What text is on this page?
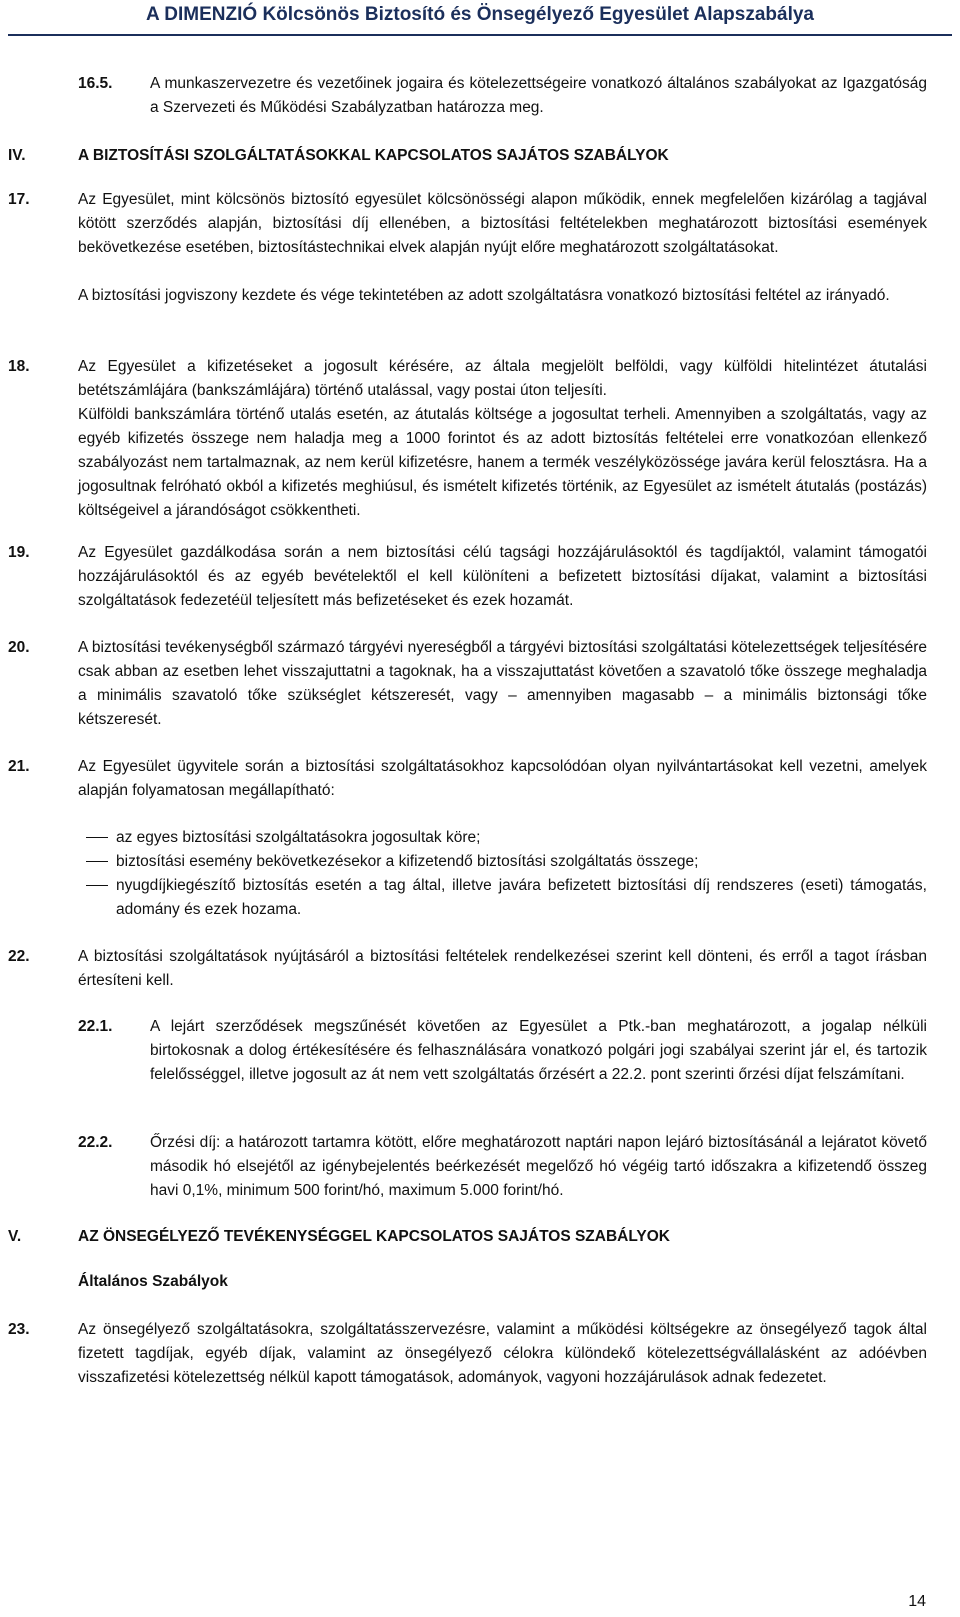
A DIMENZIÓ Kölcsönös Biztosító és Önsegélyező Egyesület Alapszabálya
16.5. A munkaszervezetre és vezetőinek jogaira és kötelezettségeire vonatkozó általános szabályokat az Igazgatóság a Szervezeti és Működési Szabályzatban határozza meg.
IV.	A BIZTOSÍTÁSI SZOLGÁLTATÁSOKKAL KAPCSOLATOS SAJÁTOS SZABÁLYOK
17.	Az Egyesület, mint kölcsönös biztosító egyesület kölcsönösségi alapon működik, ennek megfelelően kizárólag a tagjával kötött szerződés alapján, biztosítási díj ellenében, a biztosítási feltételekben meghatározott biztosítási események bekövetkezése esetében, biztosítástechnikai elvek alapján nyújt előre meghatározott szolgáltatásokat.
A biztosítási jogviszony kezdete és vége tekintetében az adott szolgáltatásra vonatkozó biztosítási feltétel az irányadó.
18.	Az Egyesület a kifizetéseket a jogosult kérésére, az általa megjelölt belföldi, vagy külföldi hitelintézet átutalási betétszámlájára (bankszámlájára) történő utalással, vagy postai úton teljesíti.
Külföldi bankszámlára történő utalás esetén, az átutalás költsége a jogosultat terheli. Amennyiben a szolgáltatás, vagy az egyéb kifizetés összege nem haladja meg a 1000 forintot és az adott biztosítás feltételei erre vonatkozóan ellenkező szabályozást nem tartalmaznak, az nem kerül kifizetésre, hanem a termék veszélyközössége javára kerül felosztásra. Ha a jogosultnak felróható okból a kifizetés meghiúsul, és ismételt kifizetés történik, az Egyesület az ismételt átutalás (postázás) költségeivel a járandóságot csökkentheti.
19.	Az Egyesület gazdálkodása során a nem biztosítási célú tagsági hozzájárulásoktól és tagdíjaktól, valamint támogatói hozzájárulásoktól és az egyéb bevételektől el kell különíteni a befizetett biztosítási díjakat, valamint a biztosítási szolgáltatások fedezetéül teljesített más befizetéseket és ezek hozamát.
20.	A biztosítási tevékenységből származó tárgyévi nyereségből a tárgyévi biztosítási szolgáltatási kötelezettségek teljesítésére csak abban az esetben lehet visszajuttatni a tagoknak, ha a visszajuttatást követően a szavatoló tőke összege meghaladja a minimális szavatoló tőke szükséglet kétszeresét, vagy – amennyiben magasabb – a minimális biztonsági tőke kétszeresét.
21.	Az Egyesület ügyvitele során a biztosítási szolgáltatásokhoz kapcsolódóan olyan nyilvántartásokat kell vezetni, amelyek alapján folyamatosan megállapítható:
az egyes biztosítási szolgáltatásokra jogosultak köre;
biztosítási esemény bekövetkezésekor a kifizetendő biztosítási szolgáltatás összege;
nyugdíjkiegészítő biztosítás esetén a tag által, illetve javára befizetett biztosítási díj rendszeres (eseti) támogatás, adomány és ezek hozama.
22.	A biztosítási szolgáltatások nyújtásáról a biztosítási feltételek rendelkezései szerint kell dönteni, és erről a tagot írásban értesíteni kell.
22.1. A lejárt szerződések megszűnését követően az Egyesület a Ptk.-ban meghatározott, a jogalap nélküli birtokosnak a dolog értékesítésére és felhasználására vonatkozó polgári jogi szabályai szerint jár el, és tartozik felelősséggel, illetve jogosult az át nem vett szolgáltatás őrzésért a 22.2. pont szerinti őrzési díjat felszámítani.
22.2. Őrzési díj: a határozott tartamra kötött, előre meghatározott naptári napon lejáró biztosításánál a lejáratot követő második hó elsejétől az igénybejelentés beérkezését megelőző hó végéig tartó időszakra a kifizetendő összeg havi 0,1%, minimum 500 forint/hó, maximum 5.000 forint/hó.
V.	AZ ÖNSEGÉLYEZŐ TEVÉKENYSÉGGEL KAPCSOLATOS SAJÁTOS SZABÁLYOK
Általános Szabályok
23.	Az önsegélyező szolgáltatásokra, szolgáltatásszervezésre, valamint a működési költségekre az önsegélyező tagok által fizetett tagdíjak, egyéb díjak, valamint az önsegélyező célokra különdekő kötelezettségvállalásként az adóévben visszafizetési kötelezettség nélkül kapott támogatások, adományok, vagyoni hozzájárulások adnak fedezetet.
14
